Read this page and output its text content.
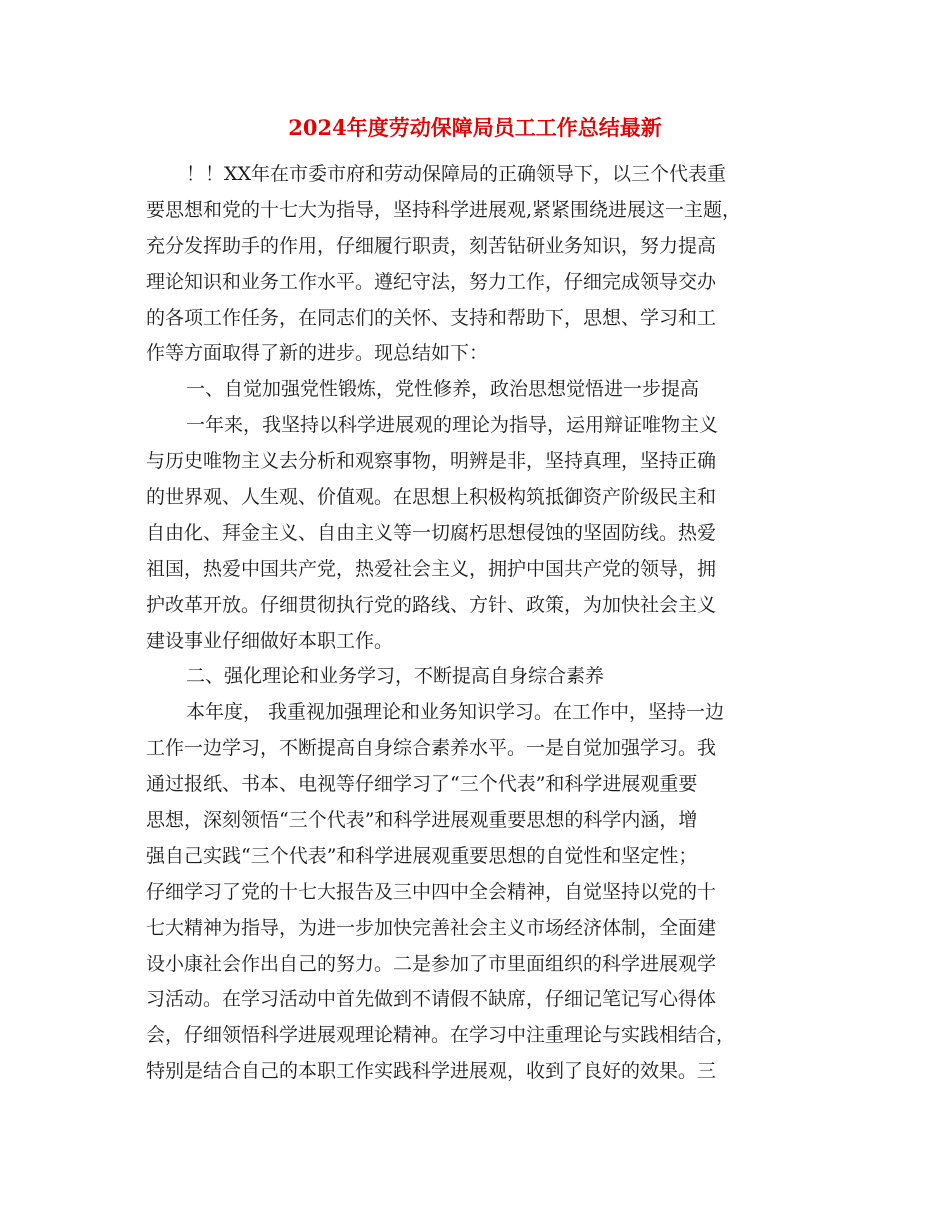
2024年度劳动保障局员工工作总结最新
！！XX年在市委市府和劳动保障局的正确领导下，以三个代表重
要思想和党的十七大为指导，坚持科学进展观,紧紧围绕进展这一主题，
充分发挥助手的作用，仔细履行职责，刻苦钻研业务知识，努力提高
理论知识和业务工作水平。遵纪守法，努力工作，仔细完成领导交办
的各项工作任务，在同志们的关怀、支持和帮助下，思想、学习和工
作等方面取得了新的进步。现总结如下：
一、自觉加强党性锻炼，党性修养，政治思想觉悟进一步提高
一年来，我坚持以科学进展观的理论为指导，运用辩证唯物主义
与历史唯物主义去分析和观察事物，明辨是非，坚持真理，坚持正确
的世界观、人生观、价值观。在思想上积极构筑抵御资产阶级民主和
自由化、拜金主义、自由主义等一切腐朽思想侵蚀的坚固防线。热爱
祖国，热爱中国共产党，热爱社会主义，拥护中国共产党的领导，拥
护改革开放。仔细贯彻执行党的路线、方针、政策，为加快社会主义
建设事业仔细做好本职工作。
二、强化理论和业务学习，不断提高自身综合素养
本年度， 我重视加强理论和业务知识学习。在工作中，坚持一边
工作一边学习，不断提高自身综合素养水平。一是自觉加强学习。我
通过报纸、书本、电视等仔细学习了“三个代表”和科学进展观重要
思想，深刻领悟“三个代表”和科学进展观重要思想的科学内涵，增
强自己实践“三个代表”和科学进展观重要思想的自觉性和坚定性；
仔细学习了党的十七大报告及三中四中全会精神，自觉坚持以党的十
七大精神为指导，为进一步加快完善社会主义市场经济体制，全面建
设小康社会作出自己的努力。二是参加了市里面组织的科学进展观学
习活动。在学习活动中首先做到不请假不缺席，仔细记笔记写心得体
会，仔细领悟科学进展观理论精神。在学习中注重理论与实践相结合，
特别是结合自己的本职工作实践科学进展观，收到了良好的效果。三
